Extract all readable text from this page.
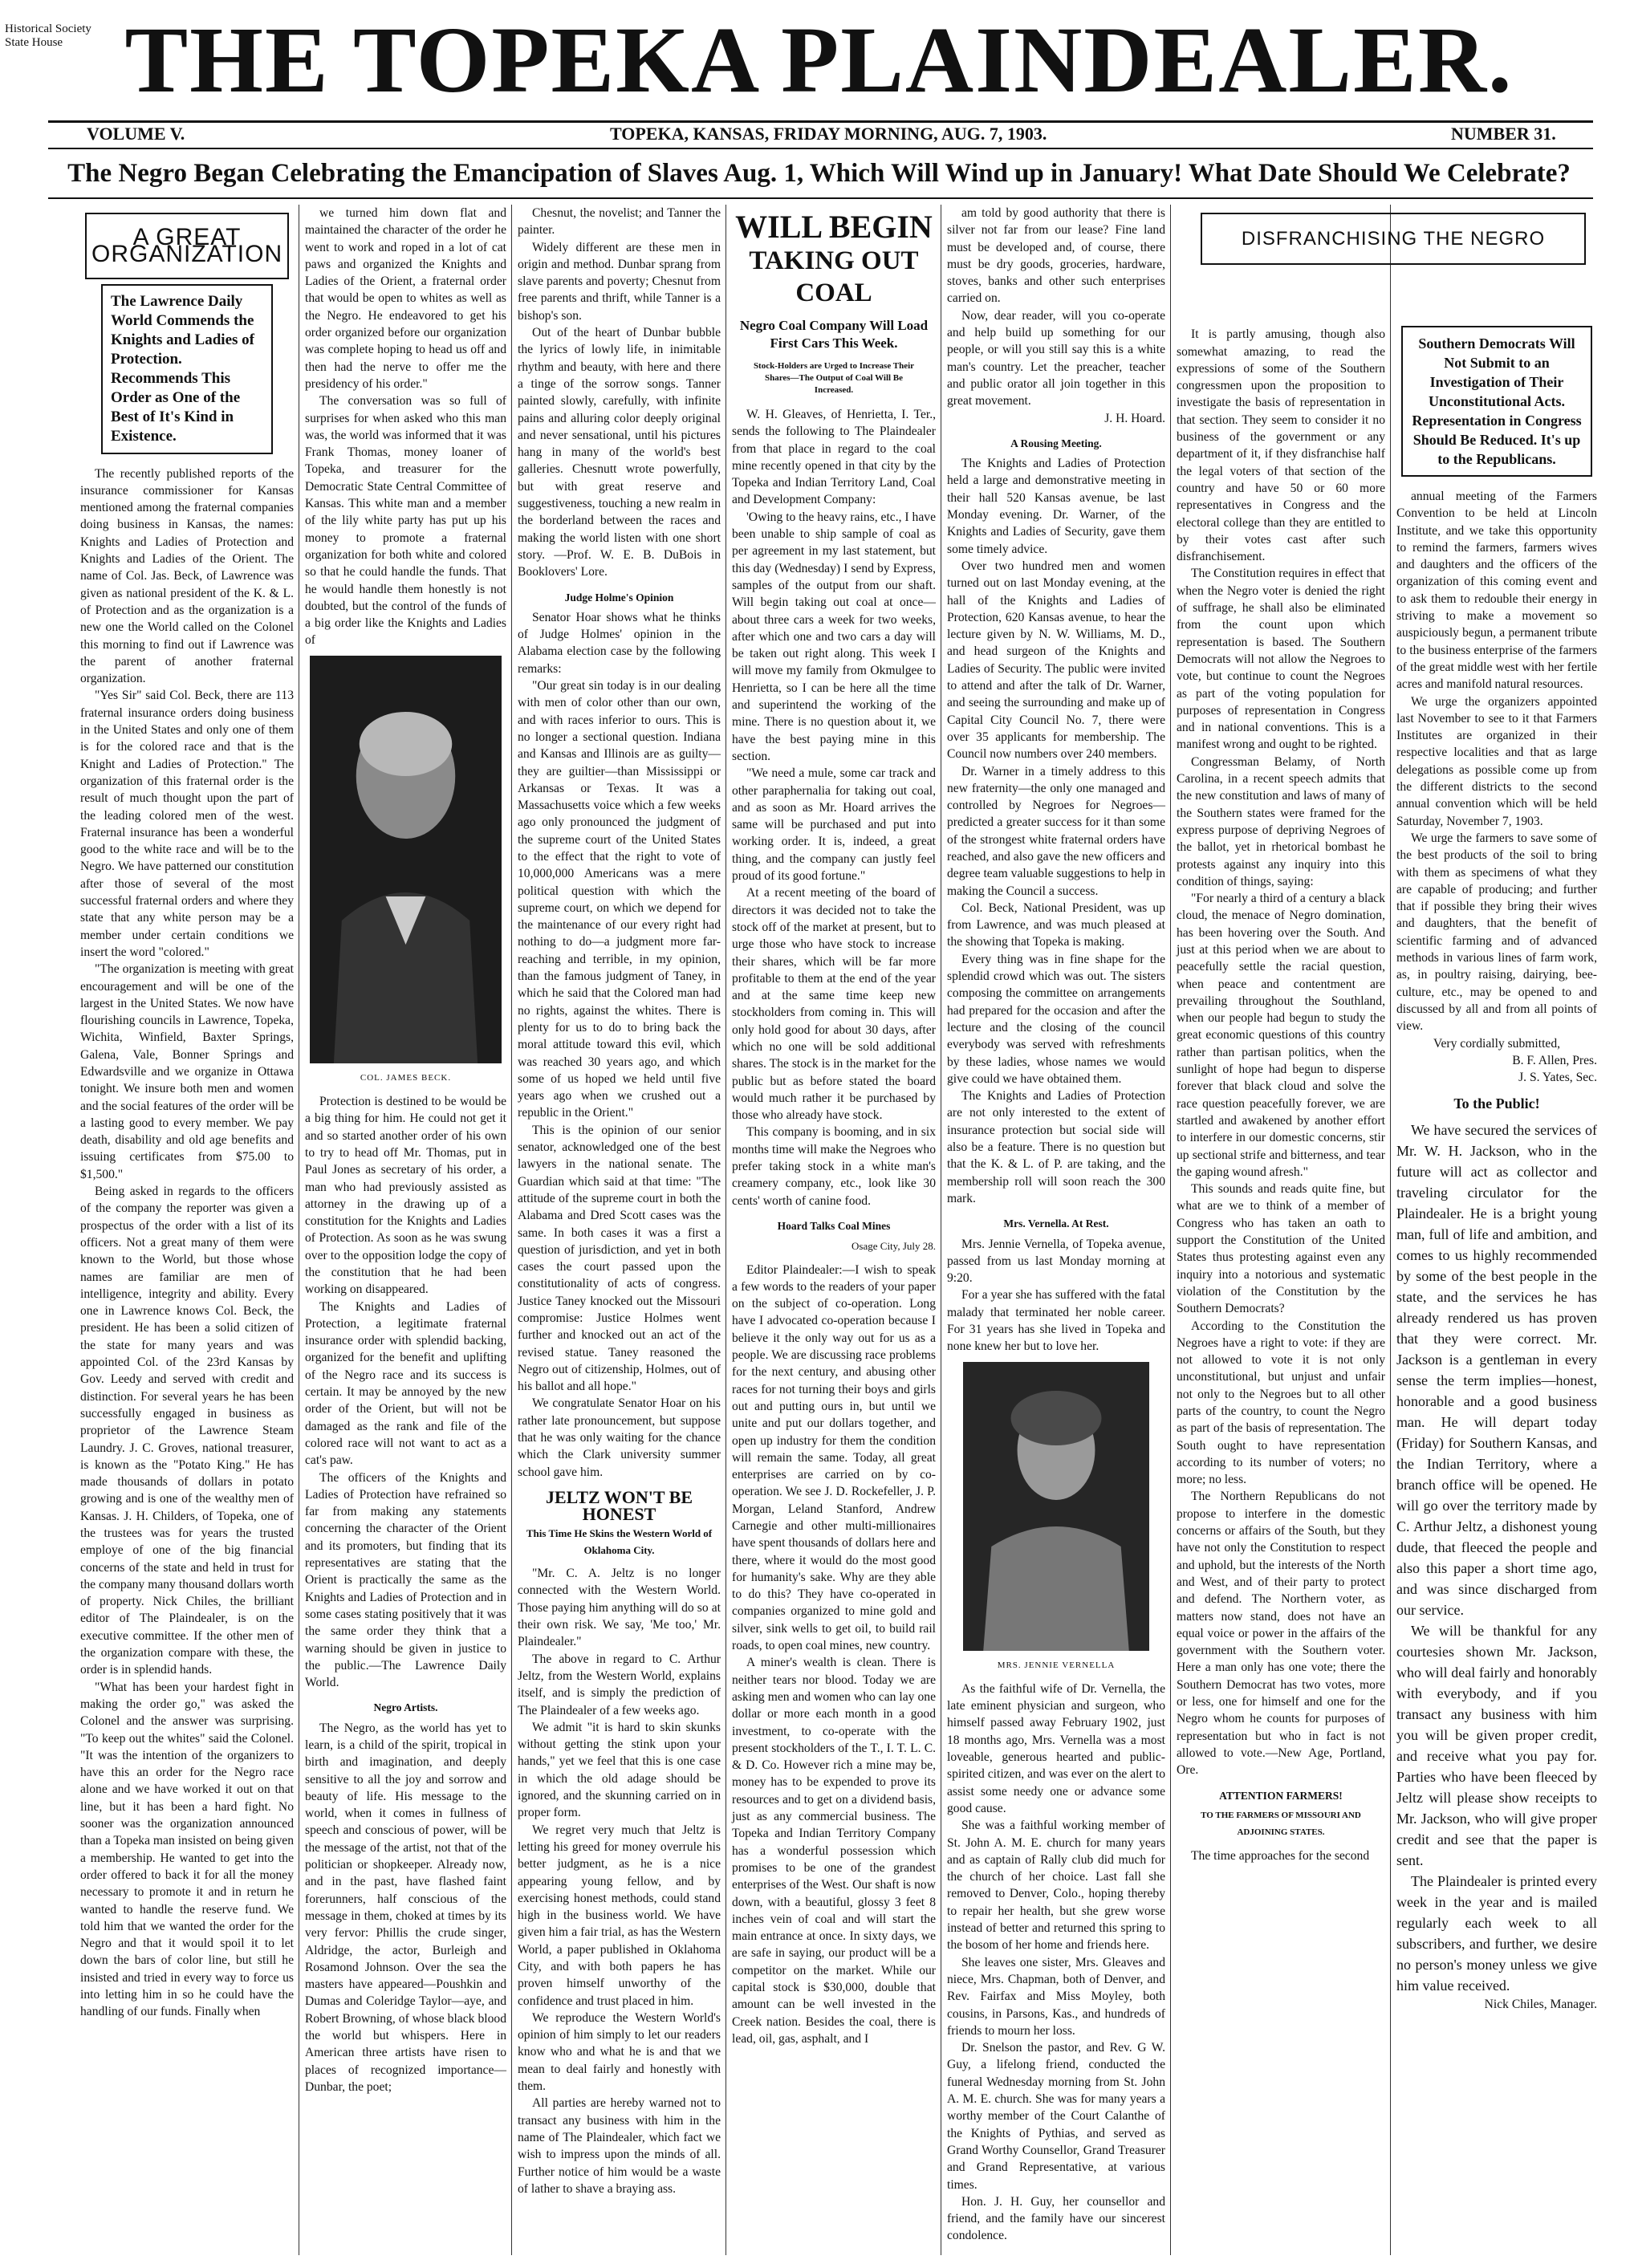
Historical Society
State House THE TOPEKA PLAINDEALER.
VOLUME V.	TOPEKA, KANSAS, FRIDAY MORNING, AUG. 7, 1903.	NUMBER 31.
The Negro Began Celebrating the Emancipation of Slaves Aug. 1, Which Will Wind up in January! What Date Should We Celebrate?
A GREAT ORGANIZATION
The Lawrence Daily World Commends the Knights and Ladies of Protection. Recommends This Order as One of the Best of It's Kind in Existence.

The recently published reports of the insurance commissioner for Kansas mentioned among the fraternal companies doing business in Kansas, the names: Knights and Ladies of Protection and Knights and Ladies of the Orient. The name of Col. Jas. Beck, of Lawrence was given as national president of the K. & L. of Protection and as the organization is a new one the World called on the Colonel this morning to find out if Lawrence was the parent of another fraternal organization.

"Yes Sir" said Col. Beck, there are 113 fraternal insurance orders doing business in the United States and only one of them is for the colored race and that is the Knight and Ladies of Protection." The organization of this fraternal order is the result of much thought upon the part of the leading colored men of the west. Fraternal insurance has been a wonderful good to the white race and will be to the Negro. We have patterned our constitution after those of several of the most successful fraternal orders and where they state that any white person may be a member under certain conditions we insert the word "colored."

"The organization is meeting with great encouragement and will be one of the largest in the United States. We now have flourishing councils in Lawrence, Topeka, Wichita, Winfield, Baxter Springs, Galena, Vale, Bonner Springs and Edwardsville and we organize in Ottawa tonight. We insure both men and women and the social features of the order will be a lasting good to every member. We pay death, disability and old age benefits and issuing certificates from $75.00 to $1,500."

Being asked in regards to the officers of the company the reporter was given a prospectus of the order with a list of its officers. Not a great many of them were known to the World, but those whose names are familiar are men of intelligence, integrity and ability. Every one in Lawrence knows Col. Beck, the president. He has been a solid citizen of the state for many years and was appointed Col. of the 23rd Kansas by Gov. Leedy and served with credit and distinction. For several years he has been successfully engaged in business as proprietor of the Lawrence Steam Laundry. J. C. Groves, national treasurer, is known as the "Potato King." He has made thousands of dollars in potato growing and is one of the wealthy men of Kansas. J. H. Childers, of Topeka, one of the trustees was for years the trusted employe of one of the big financial concerns of the state and held in trust for the company many thousand dollars worth of property. Nick Chiles, the brilliant editor of The Plaindealer, is on the executive committee. If the other men of the organization compare with these, the order is in splendid hands.

"What has been your hardest fight in making the order go," was asked the Colonel and the answer was surprising. "To keep out the whites" said the Colonel. "It was the intention of the organizers to have this an order for the Negro race alone and we have worked it out on that line, but it has been a hard fight. No sooner was the organization announced than a Topeka man insisted on being given a membership. He wanted to get into the order offered to back it for all the money necessary to promote it and in return he wanted to handle the reserve fund. We told him that we wanted the order for the Negro and that it would spoil it to let down the bars of color line, but still he insisted and tried in every way to force us into letting him in so he could have the handling of our funds. Finally when

we turned him down flat and maintained the character of the order he went to work and roped in a lot of cat paws and organized the Knights and Ladies of the Orient, a fraternal order that would be open to whites as well as the Negro. He endeavored to get his order organized before our organization was complete hoping to head us off and then had the nerve to offer me the presidency of his order."

The conversation was so full of surprises for when asked who this man was, the world was informed that it was Frank Thomas, money loaner of Topeka, and treasurer for the Democratic State Central Committee of Kansas. This white man and a member of the lily white party has put up his money to promote a fraternal organization for both white and colored so that he could handle the funds. That he would handle them honestly is not doubted, but the control of the funds of a big order like the Knights and Ladies of

COL. JAMES BECK.

Protection is destined to be would be a big thing for him. He could not get it and so started another order of his own to try to head off Mr. Thomas, put in Paul Jones as secretary of his order, a man who had previously assisted as attorney in the drawing up of a constitution for the Knights and Ladies of Protection. As soon as he was swung over to the opposition lodge the copy of the constitution that he had been working on disappeared.

The Knights and Ladies of Protection, a legitimate fraternal insurance order with splendid backing, organized for the benefit and uplifting of the Negro race and its success is certain. It may be annoyed by the new order of the Orient, but will not be damaged as the rank and file of the colored race will not want to act as a cat's paw.

The officers of the Knights and Ladies of Protection have refrained so far from making any statements concerning the character of the Orient and its promoters, but finding that its representatives are stating that the Orient is practically the same as the Knights and Ladies of Protection and in some cases stating positively that it was the same order they think that a warning should be given in justice to the public.—The Lawrence Daily World.

Negro Artists.

The Negro, as the world has yet to learn, is a child of the spirit, tropical in birth and imagination, and deeply sensitive to all the joy and sorrow and beauty of life. His message to the world, when it comes in fullness of speech and conscious of power, will be the message of the artist, not that of the politician or shopkeeper. Already now, and in the past, have flashed faint forerunners, half conscious of the message in them, choked at times by its very fervor: Phillis the crude singer, Aldridge, the actor, Burleigh and Rosamond Johnson. Over the sea the masters have appeared—Poushkin and Dumas and Coleridge Taylor—aye, and Robert Browning, of whose black blood the world but whispers. Here in American three artists have risen to places of recognized importance—Dunbar, the poet;

Chesnut, the novelist; and Tanner the painter.

Widely different are these men in origin and method. Dunbar sprang from slave parents and poverty; Chesnut from free parents and thrift, while Tanner is a bishop's son.

Out of the heart of Dunbar bubble the lyrics of lowly life, in inimitable rhythm and beauty, with here and there a tinge of the sorrow songs. Tanner painted slowly, carefully, with infinite pains and alluring color deeply original and never sensational, until his pictures hang in many of the world's best galleries. Chesnutt wrote powerfully, but with great reserve and suggestiveness, touching a new realm in the borderland between the races and making the world listen with one short story. —Prof. W. E. B. DuBois in Booklovers' Lore.

Judge Holme's Opinion

Senator Hoar shows what he thinks of Judge Holmes' opinion in the Alabama election case by the following remarks:

"Our great sin today is in our dealing with men of color other than our own, and with races inferior to ours. This is no longer a sectional question. Indiana and Kansas and Illinois are as guilty—they are guiltier—than Mississippi or Arkansas or Texas. It was a Massachusetts voice which a few weeks ago only pronounced the judgment of the supreme court of the United States to the effect that the right to vote of 10,000,000 Americans was a mere political question with which the supreme court, on which we depend for the maintenance of our every right had nothing to do—a judgment more far-reaching and terrible, in my opinion, than the famous judgment of Taney, in which he said that the Colored man had no rights, against the whites. There is plenty for us to do to bring back the moral attitude toward this evil, which was reached 30 years ago, and which some of us hoped we held until five years ago when we crushed out a republic in the Orient."

This is the opinion of our senior senator, acknowledged one of the best lawyers in the national senate. The Guardian which said at that time: "The attitude of the supreme court in both the Alabama and Dred Scott cases was the same. In both cases it was a first a question of jurisdiction, and yet in both cases the court passed upon the constitutionality of acts of congress. Justice Taney knocked out the Missouri compromise: Justice Holmes went further and knocked out an act of the revised statue. Taney reasoned the Negro out of citizenship, Holmes, out of his ballot and all hope."

We congratulate Senator Hoar on his rather late pronouncement, but suppose that he was only waiting for the chance which the Clark university summer school gave him.

JELTZ WON'T BE HONEST
This Time He Skins the Western World of Oklahoma City.

"Mr. C. A. Jeltz is no longer connected with the Western World. Those paying him anything will do so at their own risk. We say, 'Me too,' Mr. Plaindealer."

The above in regard to C. Arthur Jeltz, from the Western World, explains itself, and is simply the prediction of The Plaindealer of a few weeks ago.

We admit "it is hard to skin skunks without getting the stink upon your hands," yet we feel that this is one case in which the old adage should be ignored, and the skunning carried on in proper form.

We regret very much that Jeltz is letting his greed for money overrule his better judgment, as he is a nice appearing young fellow, and by exercising honest methods, could stand high in the business world. We have given him a fair trial, as has the Western World, a paper published in Oklahoma City, and with both papers he has proven himself unworthy of the confidence and trust placed in him.

We reproduce the Western World's opinion of him simply to let our readers know who and what he is and that we mean to deal fairly and honestly with them.

All parties are hereby warned not to transact any business with him in the name of The Plaindealer, which fact we wish to impress upon the minds of all. Further notice of him would be a waste of lather to shave a braying ass.

WILL BEGIN
TAKING OUT COAL
Negro Coal Company Will Load First Cars This Week.
Stock-Holders are Urged to Increase Their Shares—The Output of Coal Will Be Increased.

W. H. Gleaves, of Henrietta, I. Ter., sends the following to The Plaindealer from that place in regard to the coal mine recently opened in that city by the Topeka and Indian Territory Land, Coal and Development Company:

'Owing to the heavy rains, etc., I have been unable to ship sample of coal as per agreement in my last statement, but this day (Wednesday) I send by Express, samples of the output from our shaft. Will begin taking out coal at once—about three cars a week for two weeks, after which one and two cars a day will be taken out right along. This week I will move my family from Okmulgee to Henrietta, so I can be here all the time and superintend the working of the mine. There is no question about it, we have the best paying mine in this section.

"We need a mule, some car track and other paraphernalia for taking out coal, and as soon as Mr. Hoard arrives the same will be purchased and put into working order. It is, indeed, a great thing, and the company can justly feel proud of its good fortune."

At a recent meeting of the board of directors it was decided not to take the stock off of the market at present, but to urge those who have stock to increase their shares, which will be far more profitable to them at the end of the year and at the same time keep new stockholders from coming in. This will only hold good for about 30 days, after which no one will be sold additional shares. The stock is in the market for the public but as before stated the board would much rather it be purchased by those who already have stock.

This company is booming, and in six months time will make the Negroes who prefer taking stock in a white man's creamery company, etc., look like 30 cents' worth of canine food.

Hoard Talks Coal Mines
Osage City, July 28.

Editor Plaindealer:—I wish to speak a few words to the readers of your paper on the subject of co-operation. Long have I advocated co-operation because I believe it the only way out for us as a people. We are discussing race problems for the next century, and abusing other races for not turning their boys and girls out and putting ours in, but until we unite and put our dollars together, and open up industry for them the condition will remain the same. Today, all great enterprises are carried on by co-operation. We see J. D. Rockefeller, J. P. Morgan, Leland Stanford, Andrew Carnegie and other multi-millionaires have spent thousands of dollars here and there, where it would do the most good for humanity's sake. Why are they able to do this? They have co-operated in companies organized to mine gold and silver, sink wells to get oil, to build rail roads, to open coal mines, new country.

A miner's wealth is clean. There is neither tears nor blood. Today we are asking men and women who can lay one dollar or more each month in a good investment, to co-operate with the present stockholders of the T., I. T. L. C. & D. Co. However rich a mine may be, money has to be expended to prove its resources and to get on a dividend basis, just as any commercial business. The Topeka and Indian Territory Company has a wonderful possession which promises to be one of the grandest enterprises of the West. Our shaft is now down, with a beautiful, glossy 3 feet 8 inches vein of coal and will start the main entrance at once. In sixty days, we are safe in saying, our product will be a competitor on the market. While our capital stock is $30,000, double that amount can be well invested in the Creek nation. Besides the coal, there is lead, oil, gas, asphalt, and I

am told by good authority that there is silver not far from our lease? Fine land must be developed and, of course, there must be dry goods, groceries, hardware, stoves, banks and other such enterprises carried on.

Now, dear reader, will you co-operate and help build up something for our people, or will you still say this is a white man's country. Let the preacher, teacher and public orator all join together in this great movement.

J. H. Hoard.
A Rousing Meeting.

The Knights and Ladies of Protection held a large and demonstrative meeting in their hall 520 Kansas avenue, be last Monday evening. Dr. Warner, of the Knights and Ladies of Security, gave them some timely advice.

Over two hundred men and women turned out on last Monday evening, at the hall of the Knights and Ladies of Protection, 620 Kansas avenue, to hear the lecture given by N. W. Williams, M. D., and head surgeon of the Knights and Ladies of Security. The public were invited to attend and after the talk of Dr. Warner, and seeing the surrounding and make up of Capital City Council No. 7, there were over 35 applicants for membership. The Council now numbers over 240 members.

Dr. Warner in a timely address to this new fraternity—the only one managed and controlled by Negroes for Negroes—predicted a greater success for it than some of the strongest white fraternal orders have reached, and also gave the new officers and degree team valuable suggestions to help in making the Council a success.

Col. Beck, National President, was up from Lawrence, and was much pleased at the showing that Topeka is making.

Every thing was in fine shape for the splendid crowd which was out. The sisters composing the committee on arrangements had prepared for the occasion and after the lecture and the closing of the council everybody was served with refreshments by these ladies, whose names we would give could we have obtained them.

The Knights and Ladies of Protection are not only interested to the extent of insurance protection but social side will also be a feature. There is no question but that the K. & L. of P. are taking, and the membership roll will soon reach the 300 mark.

Mrs. Vernella. At Rest.

Mrs. Jennie Vernella, of Topeka avenue, passed from us last Monday morning at 9:20.

For a year she has suffered with the fatal malady that terminated her noble career. For 31 years has she lived in Topeka and none knew her but to love her.

MRS. JENNIE VERNELLA

As the faithful wife of Dr. Vernella, the late eminent physician and surgeon, who himself passed away February 1902, just 18 months ago, Mrs. Vernella was a most loveable, generous hearted and public-spirited citizen, and was ever on the alert to assist some needy one or advance some good cause.

She was a faithful working member of St. John A. M. E. church for many years and as captain of Rally club did much for the church of her choice. Last fall she removed to Denver, Colo., hoping thereby to repair her health, but she grew worse instead of better and returned this spring to the bosom of her home and friends here.

She leaves one sister, Mrs. Gleaves and niece, Mrs. Chapman, both of Denver, and Rev. Fairfax and Miss Moyley, both cousins, in Parsons, Kas., and hundreds of friends to mourn her loss.

Dr. Snelson the pastor, and Rev. G W. Guy, a lifelong friend, conducted the funeral Wednesday morning from St. John A. M. E. church. She was for many years a worthy member of the Court Calanthe of the Knights of Pythias, and served as Grand Worthy Counsellor, Grand Treasurer and Grand Representative, at various times.

Hon. J. H. Guy, her counsellor and friend, and the family have our sincerest condolence.

DISFRANCHISING THE NEGRO

It is partly amusing, though also somewhat amazing, to read the expressions of some of the Southern congressmen upon the proposition to investigate the basis of representation in that section. They seem to consider it no business of the government or any department of it, if they disfranchise half the legal voters of that section of the country and have 50 or 60 more representatives in Congress and the electoral college than they are entitled to by their votes cast after such disfranchisement.

The Constitution requires in effect that when the Negro voter is denied the right of suffrage, he shall also be eliminated from the count upon which representation is based. The Southern Democrats will not allow the Negroes to vote, but continue to count the Negroes as part of the voting population for purposes of representation in Congress and in national conventions. This is a manifest wrong and ought to be righted.

Congressman Belamy, of North Carolina, in a recent speech admits that the new constitution and laws of many of the Southern states were framed for the express purpose of depriving Negroes of the ballot, yet in rhetorical bombast he protests against any inquiry into this condition of things, saying:

"For nearly a third of a century a black cloud, the menace of Negro domination, has been hovering over the South. And just at this period when we are about to peacefully settle the racial question, when peace and contentment are prevailing throughout the Southland, when our people had begun to study the great economic questions of this country rather than partisan politics, when the sunlight of hope had begun to disperse forever that black cloud and solve the race question peacefully forever, we are startled and awakened by another effort to interfere in our domestic concerns, stir up sectional strife and bitterness, and tear the gaping wound afresh."

This sounds and reads quite fine, but what are we to think of a member of Congress who has taken an oath to support the Constitution of the United States thus protesting against even any inquiry into a notorious and systematic violation of the Constitution by the Southern Democrats?

According to the Constitution the Negroes have a right to vote: if they are not allowed to vote it is not only unconstitutional, but unjust and unfair not only to the Negroes but to all other parts of the country, to count the Negro as part of the basis of representation. The South ought to have representation according to its number of voters; no more; no less.

The Northern Republicans do not propose to interfere in the domestic concerns or affairs of the South, but they have not only the Constitution to respect and uphold, but the interests of the North and West, and of their party to protect and defend. The Northern voter, as matters now stand, does not have an equal voice or power in the affairs of the government with the Southern voter. Here a man only has one vote; there the Southern Democrat has two votes, more or less, one for himself and one for the Negro whom he counts for purposes of representation but who in fact is not allowed to vote.—New Age, Portland, Ore.

ATTENTION FARMERS!
TO THE FARMERS OF MISSOURI AND ADJOINING STATES.

The time approaches for the second

Southern Democrats Will Not Submit to an Investigation of Their Unconstitutional Acts. Representation in Congress Should Be Reduced. It's up to the Republicans.

annual meeting of the Farmers Convention to be held at Lincoln Institute, and we take this opportunity to remind the farmers, farmers wives and daughters and the officers of the organization of this coming event and to ask them to redouble their energy in striving to make a movement so auspiciously begun, a permanent tribute to the business enterprise of the farmers of the great middle west with her fertile acres and manifold natural resources.

We urge the organizers appointed last November to see to it that Farmers Institutes are organized in their respective localities and that as large delegations as possible come up from the different districts to the second annual convention which will be held Saturday, November 7, 1903.

We urge the farmers to save some of the best products of the soil to bring with them as specimens of what they are capable of producing; and further that if possible they bring their wives and daughters, that the benefit of scientific farming and of advanced methods in various lines of farm work, as, in poultry raising, dairying, bee-culture, etc., may be opened to and discussed by all and from all points of view.

Very cordially submitted,
B. F. Allen, Pres.
J. S. Yates, Sec.
To the Public!

We have secured the services of Mr. W. H. Jackson, who in the future will act as collector and traveling circulator for the Plaindealer. He is a bright young man, full of life and ambition, and comes to us highly recommended by some of the best people in the state, and the services he has already rendered us has proven that they were correct. Mr. Jackson is a gentleman in every sense the term implies—honest, honorable and a good business man. He will depart today (Friday) for Southern Kansas, and the Indian Territory, where a branch office will be opened. He will go over the territory made by C. Arthur Jeltz, a dishonest young dude, that fleeced the people and also this paper a short time ago, and was since discharged from our service.

We will be thankful for any courtesies shown Mr. Jackson, who will deal fairly and honorably with everybody, and if you transact any business with him you will be given proper credit, and receive what you pay for. Parties who have been fleeced by Jeltz will please show receipts to Mr. Jackson, who will give proper credit and see that the paper is sent.

The Plaindealer is printed every week in the year and is mailed regularly each week to all subscribers, and further, we desire no person's money unless we give him value received.

Nick Chiles, Manager.
